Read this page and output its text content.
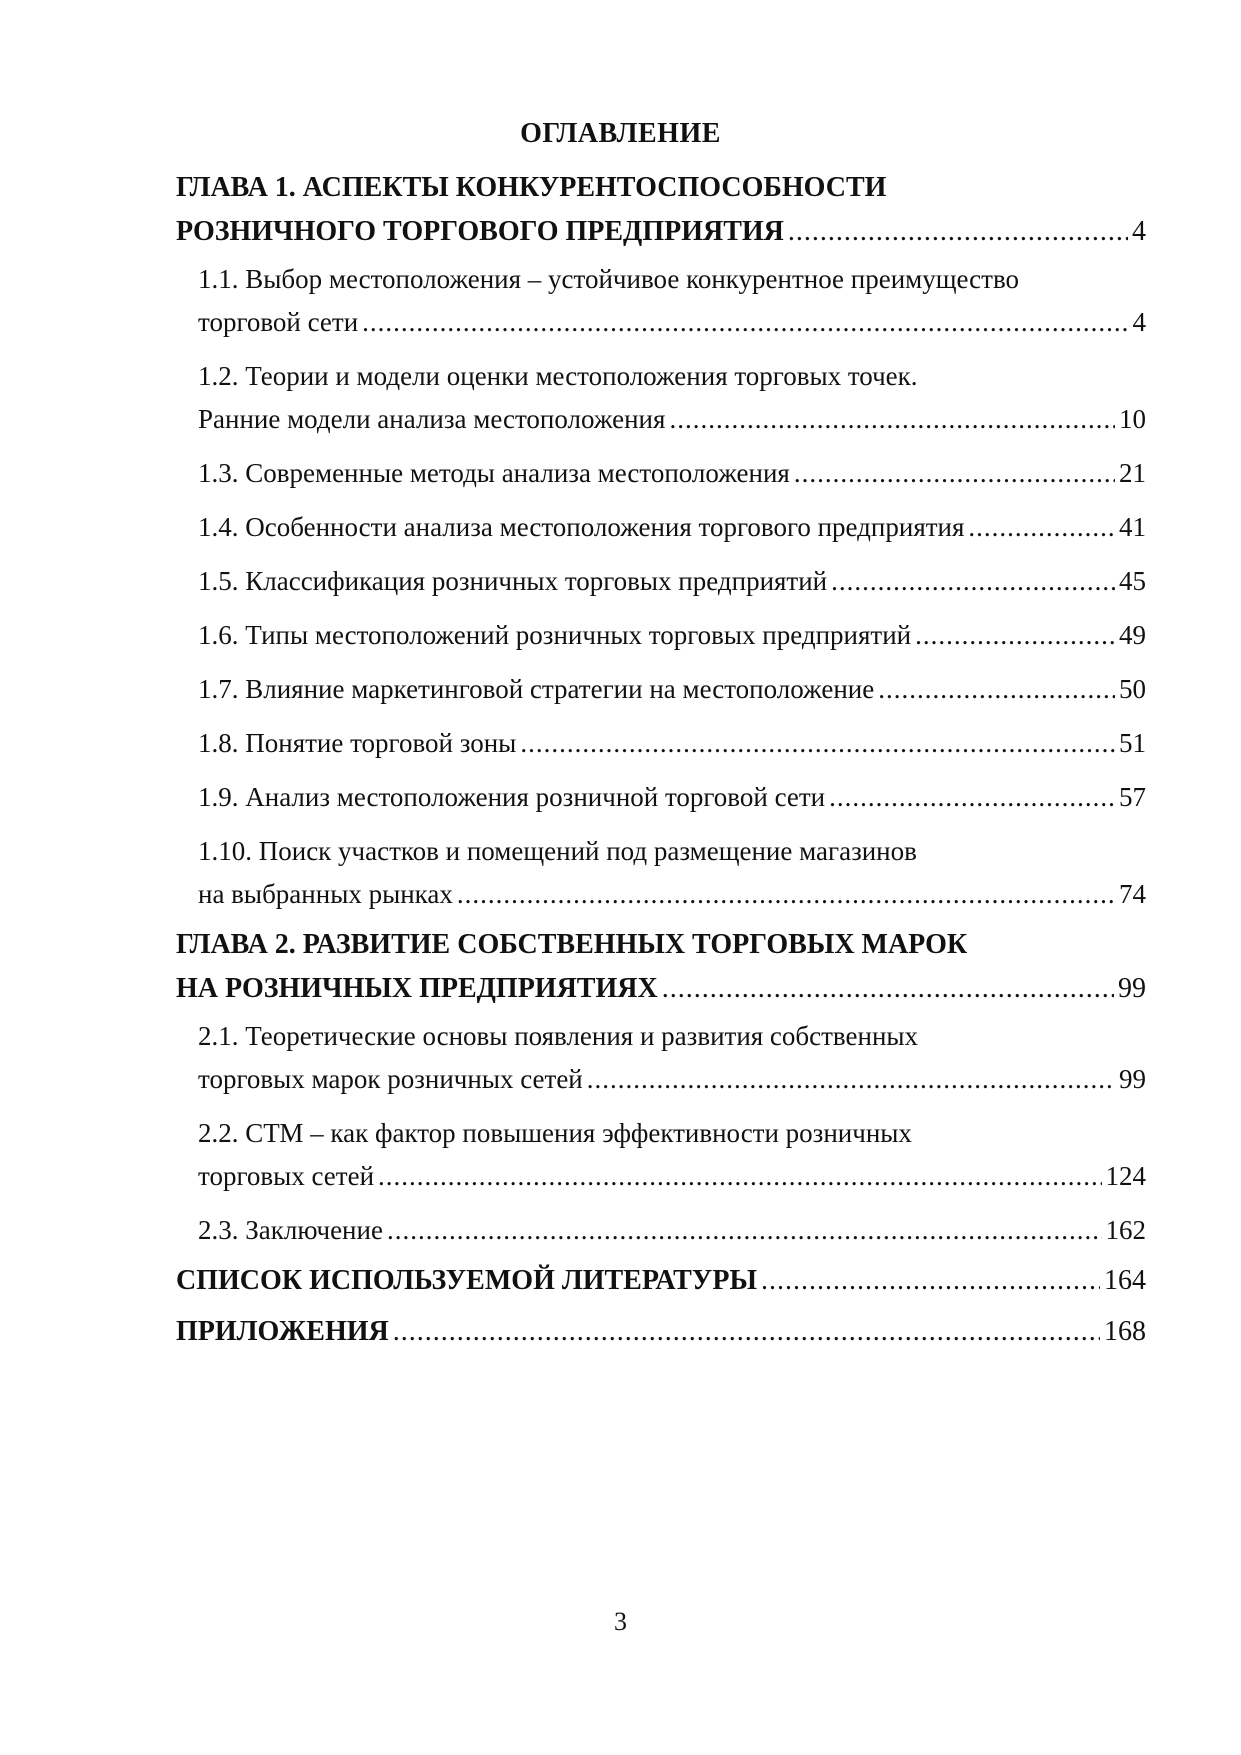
ОГЛАВЛЕНИЕ
ГЛАВА 1. АСПЕКТЫ КОНКУРЕНТОСПОСОБНОСТИ
РОЗНИЧНОГО ТОРГОВОГО ПРЕДПРИЯТИЯ .....	4
1.1. Выбор местоположения – устойчивое конкурентное преимущество
торговой сети .....	4
1.2. Теории и модели оценки местоположения торговых точек.
Ранние модели анализа местоположения .....	10
1.3. Современные методы анализа местоположения .....	21
1.4. Особенности анализа местоположения торгового предприятия .....	41
1.5. Классификация розничных торговых предприятий .....	45
1.6. Типы местоположений розничных торговых предприятий .....	49
1.7. Влияние маркетинговой стратегии на местоположение .....	50
1.8. Понятие торговой зоны .....	51
1.9. Анализ местоположения розничной торговой сети .....	57
1.10. Поиск участков и помещений под размещение магазинов
на выбранных рынках .....	74
ГЛАВА 2. РАЗВИТИЕ СОБСТВЕННЫХ ТОРГОВЫХ МАРОК
НА РОЗНИЧНЫХ ПРЕДПРИЯТИЯХ .....	99
2.1. Теоретические основы появления и развития собственных
торговых марок розничных сетей .....	99
2.2. СТМ – как фактор повышения эффективности розничных
торговых сетей .....	124
2.3. Заключение .....	162
СПИСОК ИСПОЛЬЗУЕМОЙ ЛИТЕРАТУРЫ .....	164
ПРИЛОЖЕНИЯ .....	168
3
